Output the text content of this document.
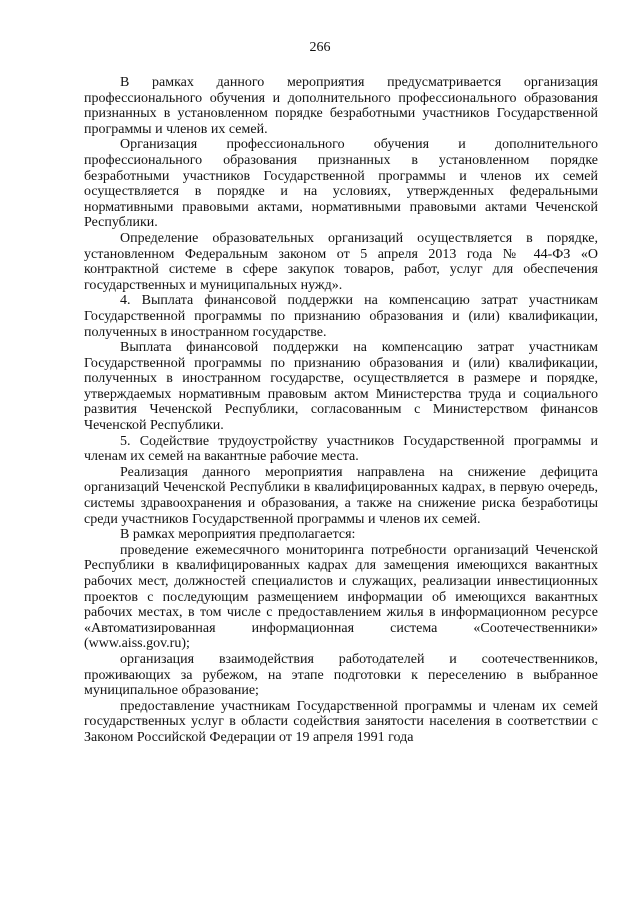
266

В рамках данного мероприятия предусматривается организация профессионального обучения и дополнительного профессионального образования признанных в установленном порядке безработными участников Государственной программы и членов их семей.

Организация профессионального обучения и дополнительного профессионального образования признанных в установленном порядке безработными участников Государственной программы и членов их семей осуществляется в порядке и на условиях, утвержденных федеральными нормативными правовыми актами, нормативными правовыми актами Чеченской Республики.

Определение образовательных организаций осуществляется в порядке, установленном Федеральным законом от 5 апреля 2013 года № 44-ФЗ «О контрактной системе в сфере закупок товаров, работ, услуг для обеспечения государственных и муниципальных нужд».

4. Выплата финансовой поддержки на компенсацию затрат участникам Государственной программы по признанию образования и (или) квалификации, полученных в иностранном государстве.

Выплата финансовой поддержки на компенсацию затрат участникам Государственной программы по признанию образования и (или) квалификации, полученных в иностранном государстве, осуществляется в размере и порядке, утверждаемых нормативным правовым актом Министерства труда и социального развития Чеченской Республики, согласованным с Министерством финансов Чеченской Республики.

5. Содействие трудоустройству участников Государственной программы и членам их семей на вакантные рабочие места.

Реализация данного мероприятия направлена на снижение дефицита организаций Чеченской Республики в квалифицированных кадрах, в первую очередь, системы здравоохранения и образования, а также на снижение риска безработицы среди участников Государственной программы и членов их семей.

В рамках мероприятия предполагается:

проведение ежемесячного мониторинга потребности организаций Чеченской Республики в квалифицированных кадрах для замещения имеющихся вакантных рабочих мест, должностей специалистов и служащих, реализации инвестиционных проектов с последующим размещением информации об имеющихся вакантных рабочих местах, в том числе с предоставлением жилья в информационном ресурсе «Автоматизированная информационная система «Соотечественники» (www.aiss.gov.ru);

организация взаимодействия работодателей и соотечественников, проживающих за рубежом, на этапе подготовки к переселению в выбранное муниципальное образование;

предоставление участникам Государственной программы и членам их семей государственных услуг в области содействия занятости населения в соответствии с Законом Российской Федерации от 19 апреля 1991 года
